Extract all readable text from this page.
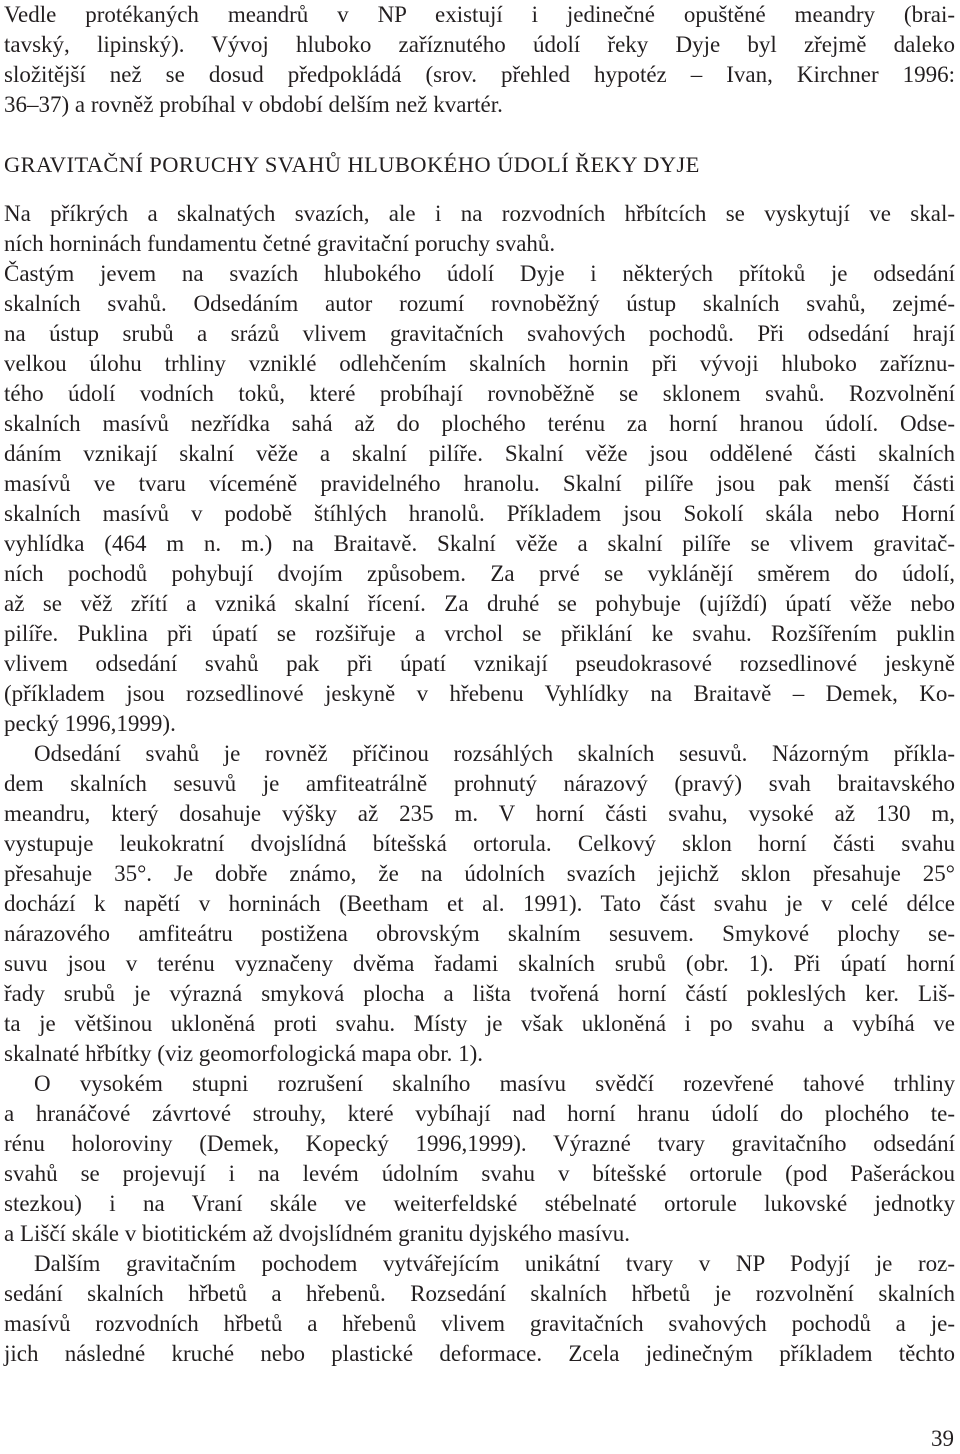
Vedle protékaných meandrů v NP existují i jedinečné opuštěné meandry (brai-
tavský, lipinský). Vývoj hluboko zaříznutého údolí řeky Dyje byl zřejmě daleko
složitější než se dosud předpokládá (srov. přehled hypotéz – Ivan, Kirchner 1996:
36–37) a rovněž probíhal v období delším než kvartér.
GRAVITAČNÍ PORUCHY SVAHŮ HLUBOKÉHO ÚDOLÍ ŘEKY DYJE
Na příkrých a skalnatých svazích, ale i na rozvodních hřbítcích se vyskytují ve skal-
ních horninách fundamentu četné gravitační poruchy svahů.
Častým jevem na svazích hlubokého údolí Dyje i některých přítoků je odsedání
skalních svahů. Odsedáním autor rozumí rovnoběžný ústup skalních svahů, zejmé-
na ústup srubů a srázů vlivem gravitačních svahových pochodů. Při odsedání hrají
velkou úlohu trhliny vzniklé odlehčením skalních hornin při vývoji hluboko zaříznu-
tého údolí vodních toků, které probíhají rovnoběžně se sklonem svahů. Rozvolnění
skalních masívů nezřídka sahá až do plochého terénu za horní hranou údolí. Odse-
dáním vznikají skalní věže a skalní pilíře. Skalní věže jsou oddělené části skalních
masívů ve tvaru víceméně pravidelného hranolu. Skalní pilíře jsou pak menší části
skalních masívů v podobě štíhlých hranolů. Příkladem jsou Sokolí skála nebo Horní
vyhlídka (464 m n. m.) na Braitavě. Skalní věže a skalní pilíře se vlivem gravitač-
ních pochodů pohybují dvojím způsobem. Za prvé se vyklánějí směrem do údolí,
až se věž zřítí a vzniká skalní řícení. Za druhé se pohybuje (ujíždí) úpatí věže nebo
pilíře. Puklina při úpatí se rozšiřuje a vrchol se přiklání ke svahu. Rozšířením puklin
vlivem odsedání svahů pak při úpatí vznikají pseudokrasové rozsedlinové jeskyně
(příkladem jsou rozsedlinové jeskyně v hřebenu Vyhlídky na Braitavě – Demek, Ko-
pecký 1996,1999).
Odsedání svahů je rovněž příčinou rozsáhlých skalních sesuvů. Názorným příkla-
dem skalních sesuvů je amfiteatrálně prohnutý nárazový (pravý) svah braitavského
meandru, který dosahuje výšky až 235 m. V horní části svahu, vysoké až 130 m,
vystupuje leukokratní dvojslídná bítešská ortorula. Celkový sklon horní části svahu
přesahuje 35°. Je dobře známo, že na údolních svazích jejichž sklon přesahuje 25°
dochází k napětí v horninách (Beetham et al. 1991). Tato část svahu je v celé délce
nárazového amfiteátru postižena obrovským skalním sesuvem. Smykové plochy se-
suvu jsou v terénu vyznačeny dvěma řadami skalních srubů (obr. 1). Při úpatí horní
řady srubů je výrazná smyková plocha a lišta tvořená horní částí pokleslých ker. Liš-
ta je většinou ukloněná proti svahu. Místy je však ukloněná i po svahu a vybíhá ve
skalnaté hřbítky (viz geomorfologická mapa obr. 1).
O vysokém stupni rozrušení skalního masívu svědčí rozevřené tahové trhliny
a hranáčové závrtové strouhy, které vybíhají nad horní hranu údolí do plochého te-
rénu holoroviny (Demek, Kopecký 1996,1999). Výrazné tvary gravitačního odsedání
svahů se projevují i na levém údolním svahu v bítešské ortorule (pod Pašeráckou
stezkou) i na Vraní skále ve weiterfeldské stébelnaté ortorule lukovské jednotky
a Liščí skále v biotitickém až dvojslídném granitu dyjského masívu.
Dalším gravitačním pochodem vytvářejícím unikátní tvary v NP Podyjí je roz-
sedání skalních hřbetů a hřebenů. Rozsedání skalních hřbetů je rozvolnění skalních
masívů rozvodních hřbetů a hřebenů vlivem gravitačních svahových pochodů a je-
jich následné kruché nebo plastické deformace. Zcela jedinečným příkladem těchto
39
